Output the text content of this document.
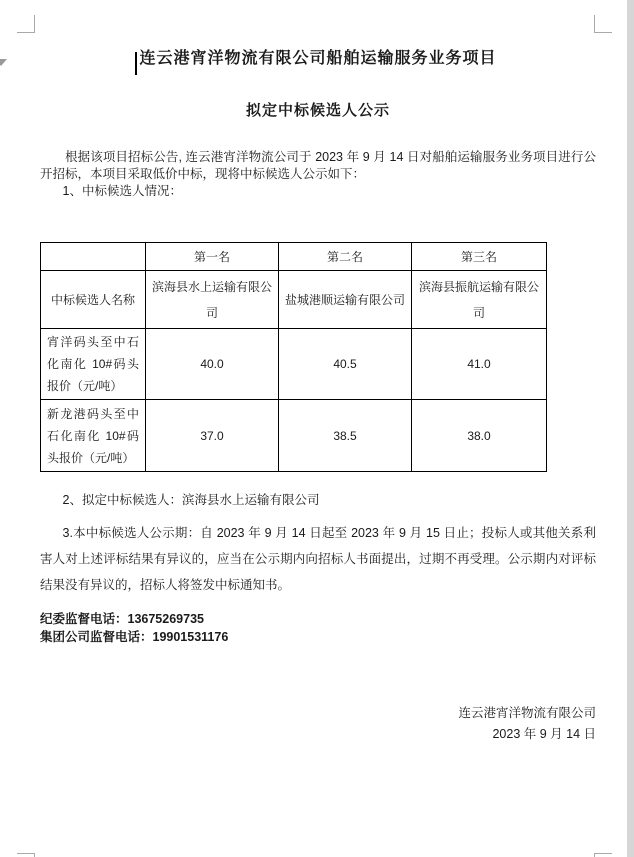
连云港宵洋物流有限公司船舶运输服务业务项目
拟定中标候选人公示

根据该项目招标公告, 连云港宵洋物流公司于 2023 年 9 月 14 日对船舶运输服务业务项目进行公开招标，本项目采取低价中标，现将中标候选人公示如下：

1、中标候选人情况：

	第一名	第二名	第三名
中标候选人名称	滨海县水上运输有限公司	盐城港顺运输有限公司	滨海县振航运输有限公司
宵洋码头至中石化南化 10#码头报价（元/吨）	40.0	40.5	41.0
新龙港码头至中石化南化 10#码头报价（元/吨）	37.0	38.5	38.0

2、拟定中标候选人：滨海县水上运输有限公司

3.本中标候选人公示期：自 2023 年 9 月 14 日起至 2023 年 9 月 15 日止；投标人或其他关系利害人对上述评标结果有异议的，应当在公示期内向招标人书面提出，过期不再受理。公示期内对评标结果没有异议的，招标人将签发中标通知书。

纪委监督电话：13675269735

集团公司监督电话：19901531176

连云港宵洋物流有限公司

2023 年 9 月 14 日
